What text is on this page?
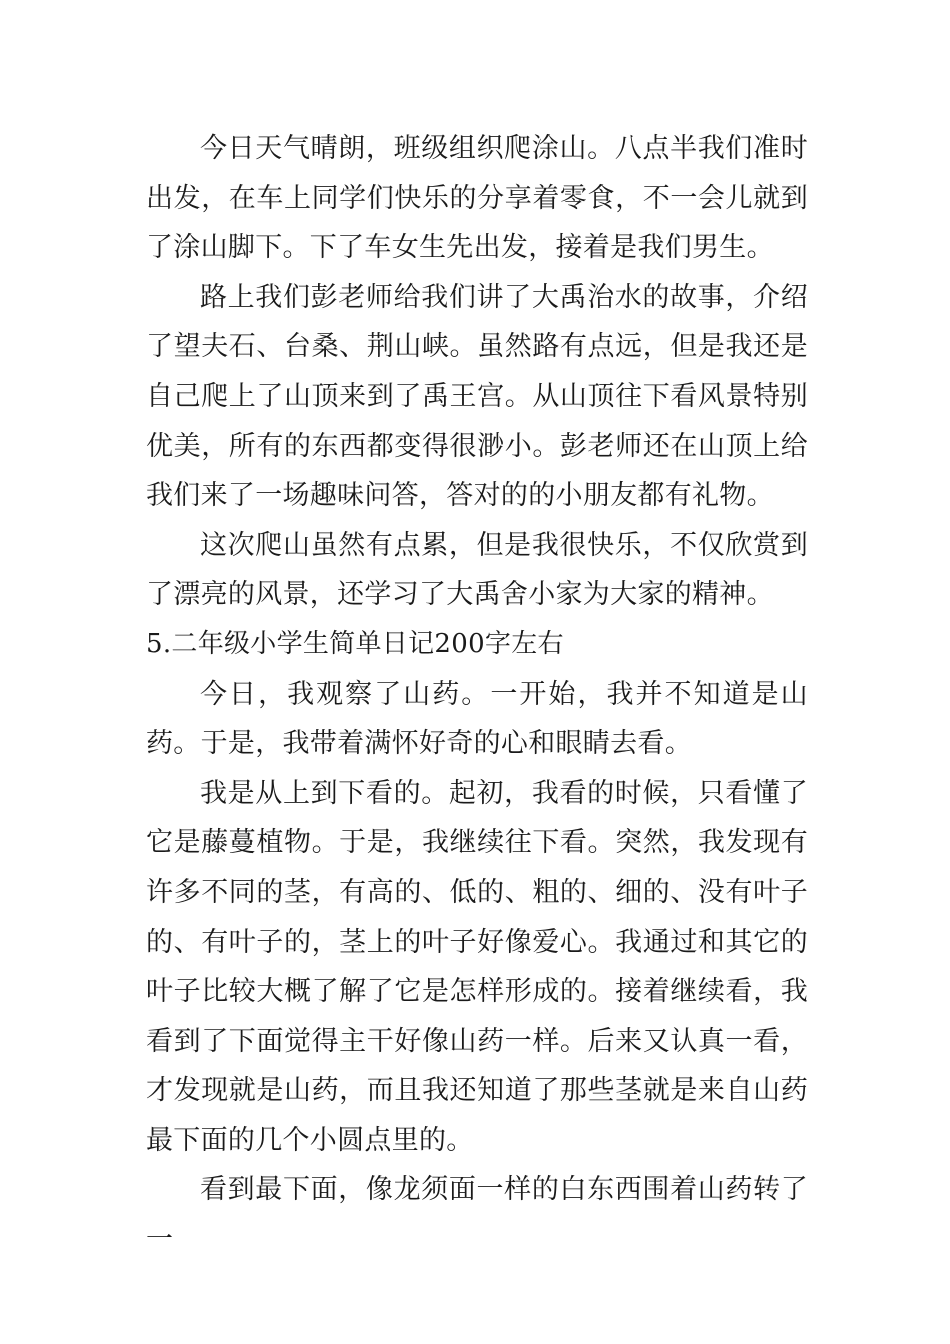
今日天气晴朗，班级组织爬涂山。八点半我们准时出发，在车上同学们快乐的分享着零食，不一会儿就到了涂山脚下。下了车女生先出发，接着是我们男生。

路上我们彭老师给我们讲了大禹治水的故事，介绍了望夫石、台桑、荆山峡。虽然路有点远，但是我还是自己爬上了山顶来到了禹王宫。从山顶往下看风景特别优美，所有的东西都变得很渺小。彭老师还在山顶上给我们来了一场趣味问答，答对的的小朋友都有礼物。

这次爬山虽然有点累，但是我很快乐，不仅欣赏到了漂亮的风景，还学习了大禹舍小家为大家的精神。

5.二年级小学生简单日记200字左右

今日，我观察了山药。一开始，我并不知道是山药。于是，我带着满怀好奇的心和眼睛去看。

我是从上到下看的。起初，我看的时候，只看懂了它是藤蔓植物。于是，我继续往下看。突然，我发现有许多不同的茎，有高的、低的、粗的、细的、没有叶子的、有叶子的，茎上的叶子好像爱心。我通过和其它的叶子比较大概了解了它是怎样形成的。接着继续看，我看到了下面觉得主干好像山药一样。后来又认真一看，才发现就是山药，而且我还知道了那些茎就是来自山药最下面的几个小圆点里的。

看到最下面，像龙须面一样的白东西围着山药转了一
